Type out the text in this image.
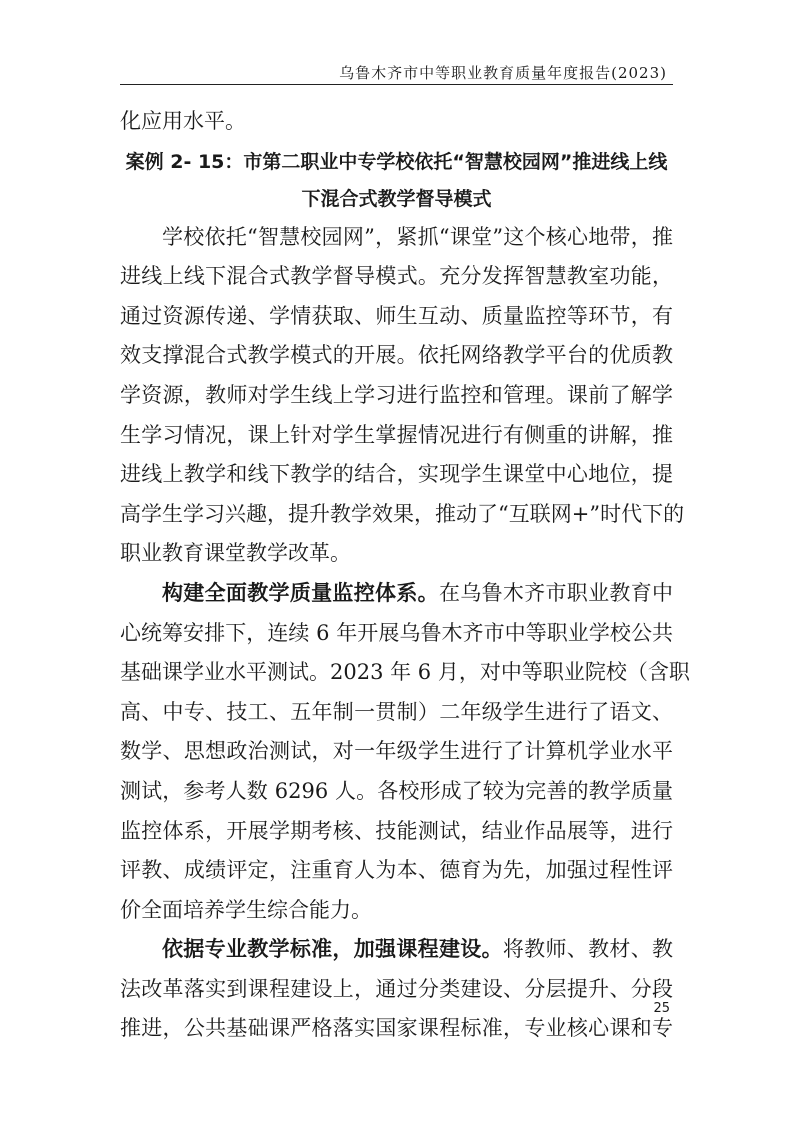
乌鲁木齐市中等职业教育质量年度报告(2023)
化应用水平。
案例 2- 15：市第二职业中专学校依托“智慧校园网”推进线上线
下混合式教学督导模式
学校依托“智慧校园网”，紧抓“课堂”这个核心地带，推
进线上线下混合式教学督导模式。充分发挥智慧教室功能，
通过资源传递、学情获取、师生互动、质量监控等环节，有
效支撑混合式教学模式的开展。依托网络教学平台的优质教
学资源，教师对学生线上学习进行监控和管理。课前了解学
生学习情况，课上针对学生掌握情况进行有侧重的讲解，推
进线上教学和线下教学的结合，实现学生课堂中心地位，提
高学生学习兴趣，提升教学效果，推动了“互联网+”时代下的
职业教育课堂教学改革。
构建全面教学质量监控体系。在乌鲁木齐市职业教育中
心统筹安排下，连续 6 年开展乌鲁木齐市中等职业学校公共
基础课学业水平测试。2023 年 6 月，对中等职业院校（含职
高、中专、技工、五年制一贯制）二年级学生进行了语文、
数学、思想政治测试，对一年级学生进行了计算机学业水平
测试，参考人数 6296 人。各校形成了较为完善的教学质量
监控体系，开展学期考核、技能测试，结业作品展等，进行
评教、成绩评定，注重育人为本、德育为先，加强过程性评
价全面培养学生综合能力。
依据专业教学标准，加强课程建设。将教师、教材、教
法改革落实到课程建设上，通过分类建设、分层提升、分段
推进，公共基础课严格落实国家课程标准，专业核心课和专
25
